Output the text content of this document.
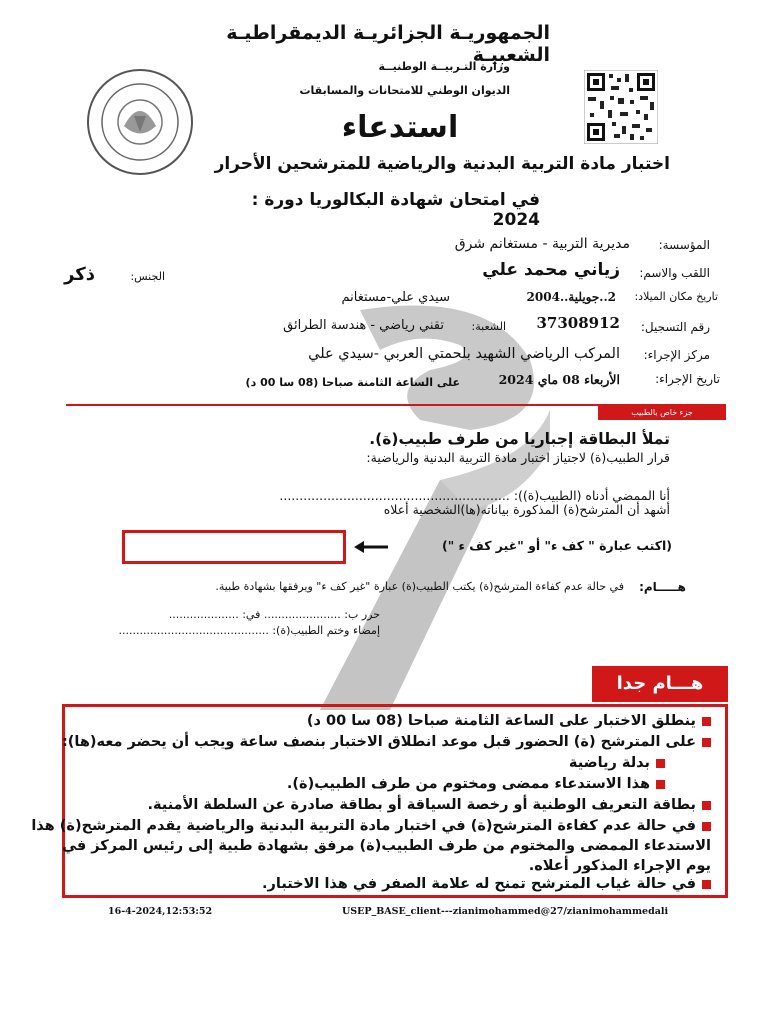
الجمهوريـة الجزائريـة الديمقراطيـة الشعبيـة
وزارة التـربيــة الوطنيــة
الديوان الوطني للامتحانات والمسابقات
استدعاء
اختبار مادة التربية البدنية والرياضية للمترشحين الأحرار
في امتحان شهادة البكالوريا دورة : 2024
المؤسسة:
مديرية التربية - مستغانم شرق
اللقب والاسم:
زياني محمد علي
الجنس:
ذكر
تاريخ مكان الميلاد:
2..جويلية..2004
سيدي علي-مستغانم
رقم التسجيل:
37308912
الشعبة:
تقني رياضي - هندسة الطرائق
مركز الإجراء:
المركب الرياضي الشهيد بلحمتي العربي -سيدي علي
تاريخ الإجراء:
الأربعاء 08 ماي 2024
على الساعة الثامنة صباحا (08 سا 00 د)
جزء خاص بالطبيب
تملأ البطاقة إجباريا من طرف طبيب(ة).
قرار الطبيب(ة) لاجتياز اختبار مادة التربية البدنية والرياضية:
أنا الممضي أدناه (الطبيب(ة)): ..........................................................
أشهد أن المترشح(ة) المذكورة بياناته(ها)الشخصية أعلاه
(اكتب عبارة " كف ء" أو "غير كف ء ")
هـــــام:
في حالة عدم كفاءة المترشح(ة) يكتب الطبيب(ة) عبارة "غير كف ء" ويرفقها بشهادة طبية.
حرر ب: ...................... في: ....................
إمضاء وختم الطبيب(ة): ...........................................
هـــام جدا
ينطلق الاختبار على الساعة الثامنة صباحا (08 سا 00 د)
على المترشح (ة) الحضور قبل موعد انطلاق الاختبار بنصف ساعة ويجب أن يحضر معه(ها):
بدلة رياضية
هذا الاستدعاء ممضى ومختوم من طرف الطبيب(ة).
بطاقة التعريف الوطنية أو رخصة السياقة أو بطاقة صادرة عن السلطة الأمنية.
في حالة عدم كفاءة المترشح(ة) في اختبار مادة التربية البدنية والرياضية يقدم المترشح(ة) هذا
الاستدعاء الممضى والمختوم من طرف الطبيب(ة) مرفق بشهادة طبية إلى رئيس المركز في
يوم الإجراء المذكور أعلاه.
في حالة غياب المترشح تمنح له علامة الصفر في هذا الاختبار.
16-4-2024,12:53:52	USEP_BASE_client---zianimohammed@27/zianimohammedali
